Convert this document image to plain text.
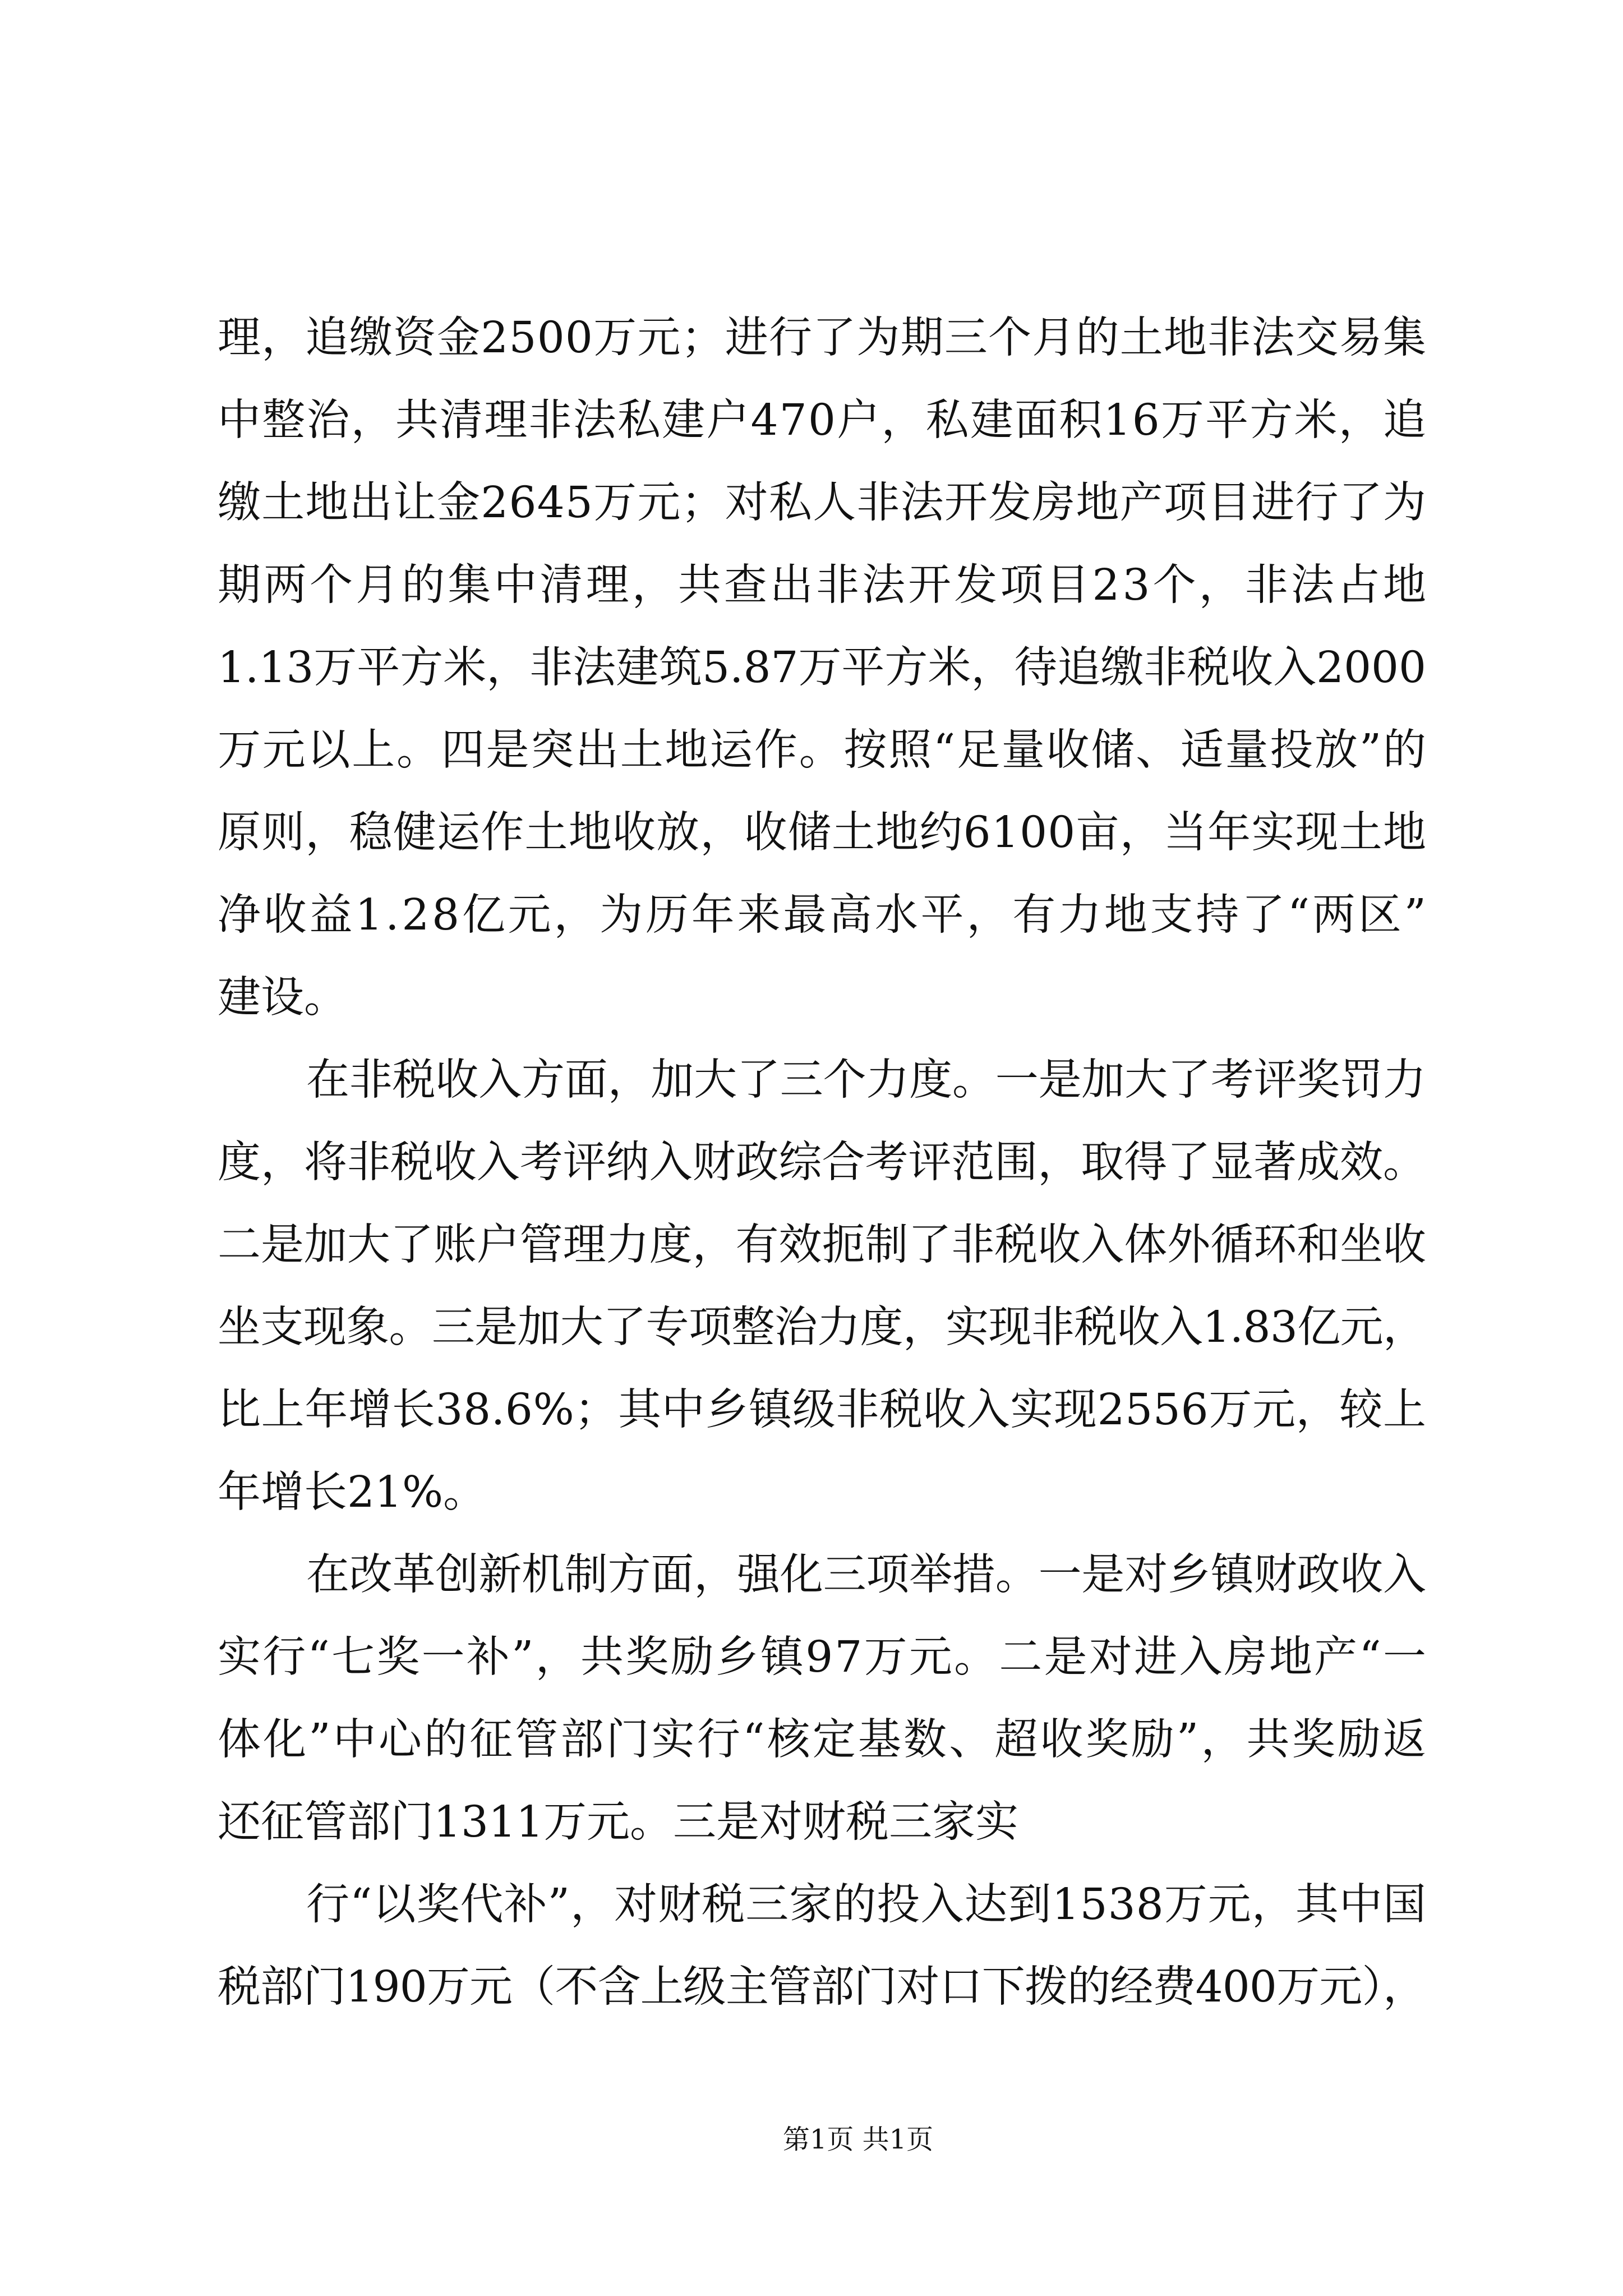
理，追缴资金2500万元；进行了为期三个月的土地非法交易集
中整治，共清理非法私建户470户，私建面积16万平方米，追
缴土地出让金2645万元；对私人非法开发房地产项目进行了为
期两个月的集中清理，共查出非法开发项目23个，非法占地
1.13万平方米，非法建筑5.87万平方米，待追缴非税收入2000
万元以上。四是突出土地运作。按照“足量收储、适量投放”的
原则，稳健运作土地收放，收储土地约6100亩，当年实现土地
净收益1.28亿元，为历年来最高水平，有力地支持了“两区”
建设。
在非税收入方面，加大了三个力度。一是加大了考评奖罚力
度，将非税收入考评纳入财政综合考评范围，取得了显著成效。
二是加大了账户管理力度，有效扼制了非税收入体外循环和坐收
坐支现象。三是加大了专项整治力度，实现非税收入1.83亿元，
比上年增长38.6%；其中乡镇级非税收入实现2556万元，较上
年增长21%。
在改革创新机制方面，强化三项举措。一是对乡镇财政收入
实行“七奖一补”，共奖励乡镇97万元。二是对进入房地产“一
体化”中心的征管部门实行“核定基数、超收奖励”，共奖励返
还征管部门1311万元。三是对财税三家实
行“以奖代补”，对财税三家的投入达到1538万元，其中国
税部门190万元（不含上级主管部门对口下拨的经费400万元），
第1页 共1页
